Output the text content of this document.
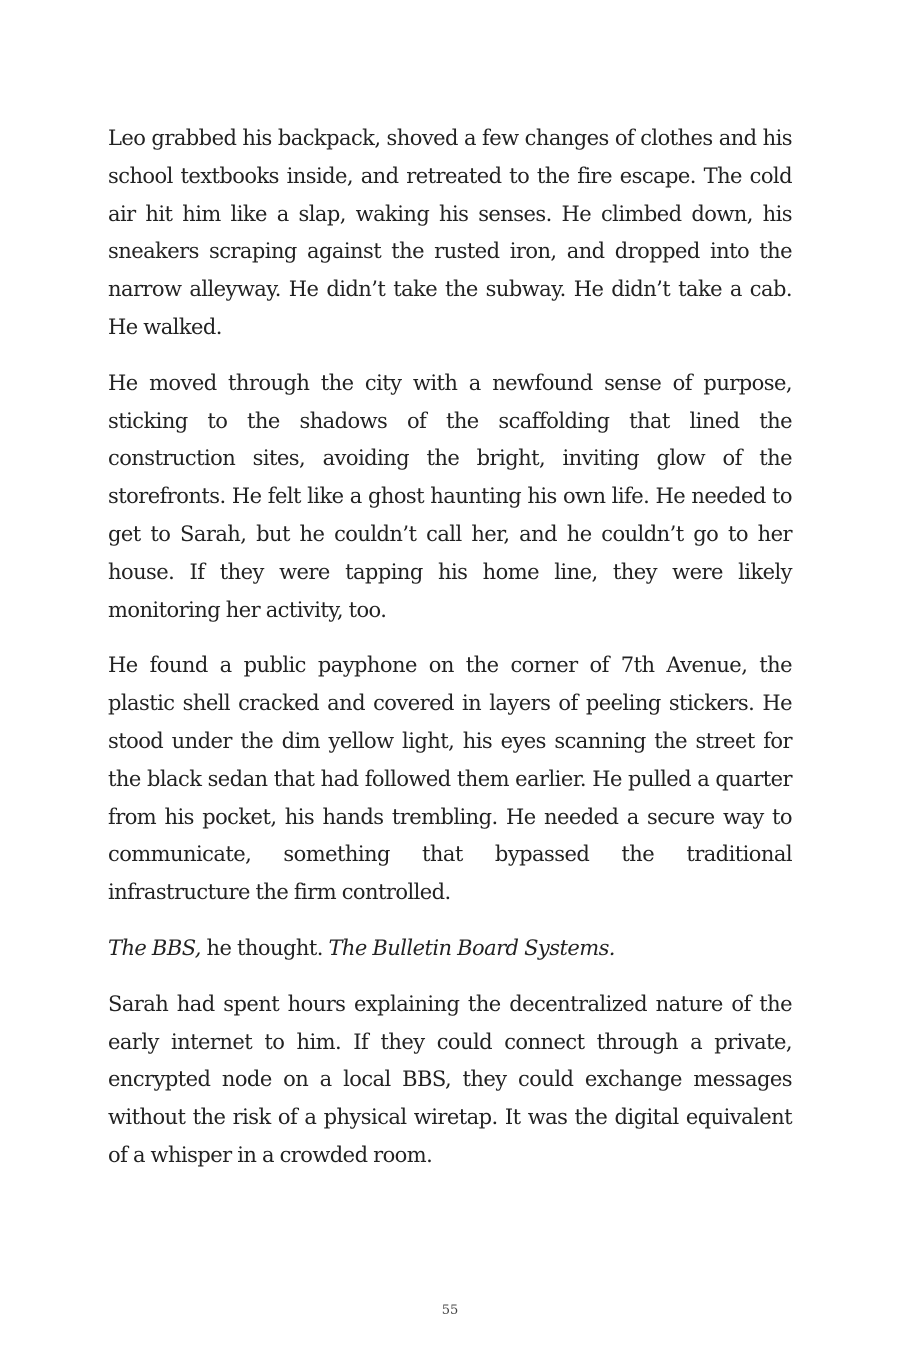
Leo grabbed his backpack, shoved a few changes of clothes and his school textbooks inside, and retreated to the fire escape. The cold air hit him like a slap, waking his senses. He climbed down, his sneakers scraping against the rusted iron, and dropped into the narrow alleyway. He didn’t take the subway. He didn’t take a cab. He walked.

He moved through the city with a newfound sense of purpose, sticking to the shadows of the scaffolding that lined the construction sites, avoiding the bright, inviting glow of the storefronts. He felt like a ghost haunting his own life. He needed to get to Sarah, but he couldn’t call her, and he couldn’t go to her house. If they were tapping his home line, they were likely monitoring her activity, too.

He found a public payphone on the corner of 7th Avenue, the plastic shell cracked and covered in layers of peeling stickers. He stood under the dim yellow light, his eyes scanning the street for the black sedan that had followed them earlier. He pulled a quarter from his pocket, his hands trembling. He needed a secure way to communicate, something that bypassed the traditional infrastructure the firm controlled.

The BBS, he thought. The Bulletin Board Systems.

Sarah had spent hours explaining the decentralized nature of the early internet to him. If they could connect through a private, encrypted node on a local BBS, they could exchange messages without the risk of a physical wiretap. It was the digital equivalent of a whisper in a crowded room.

55
